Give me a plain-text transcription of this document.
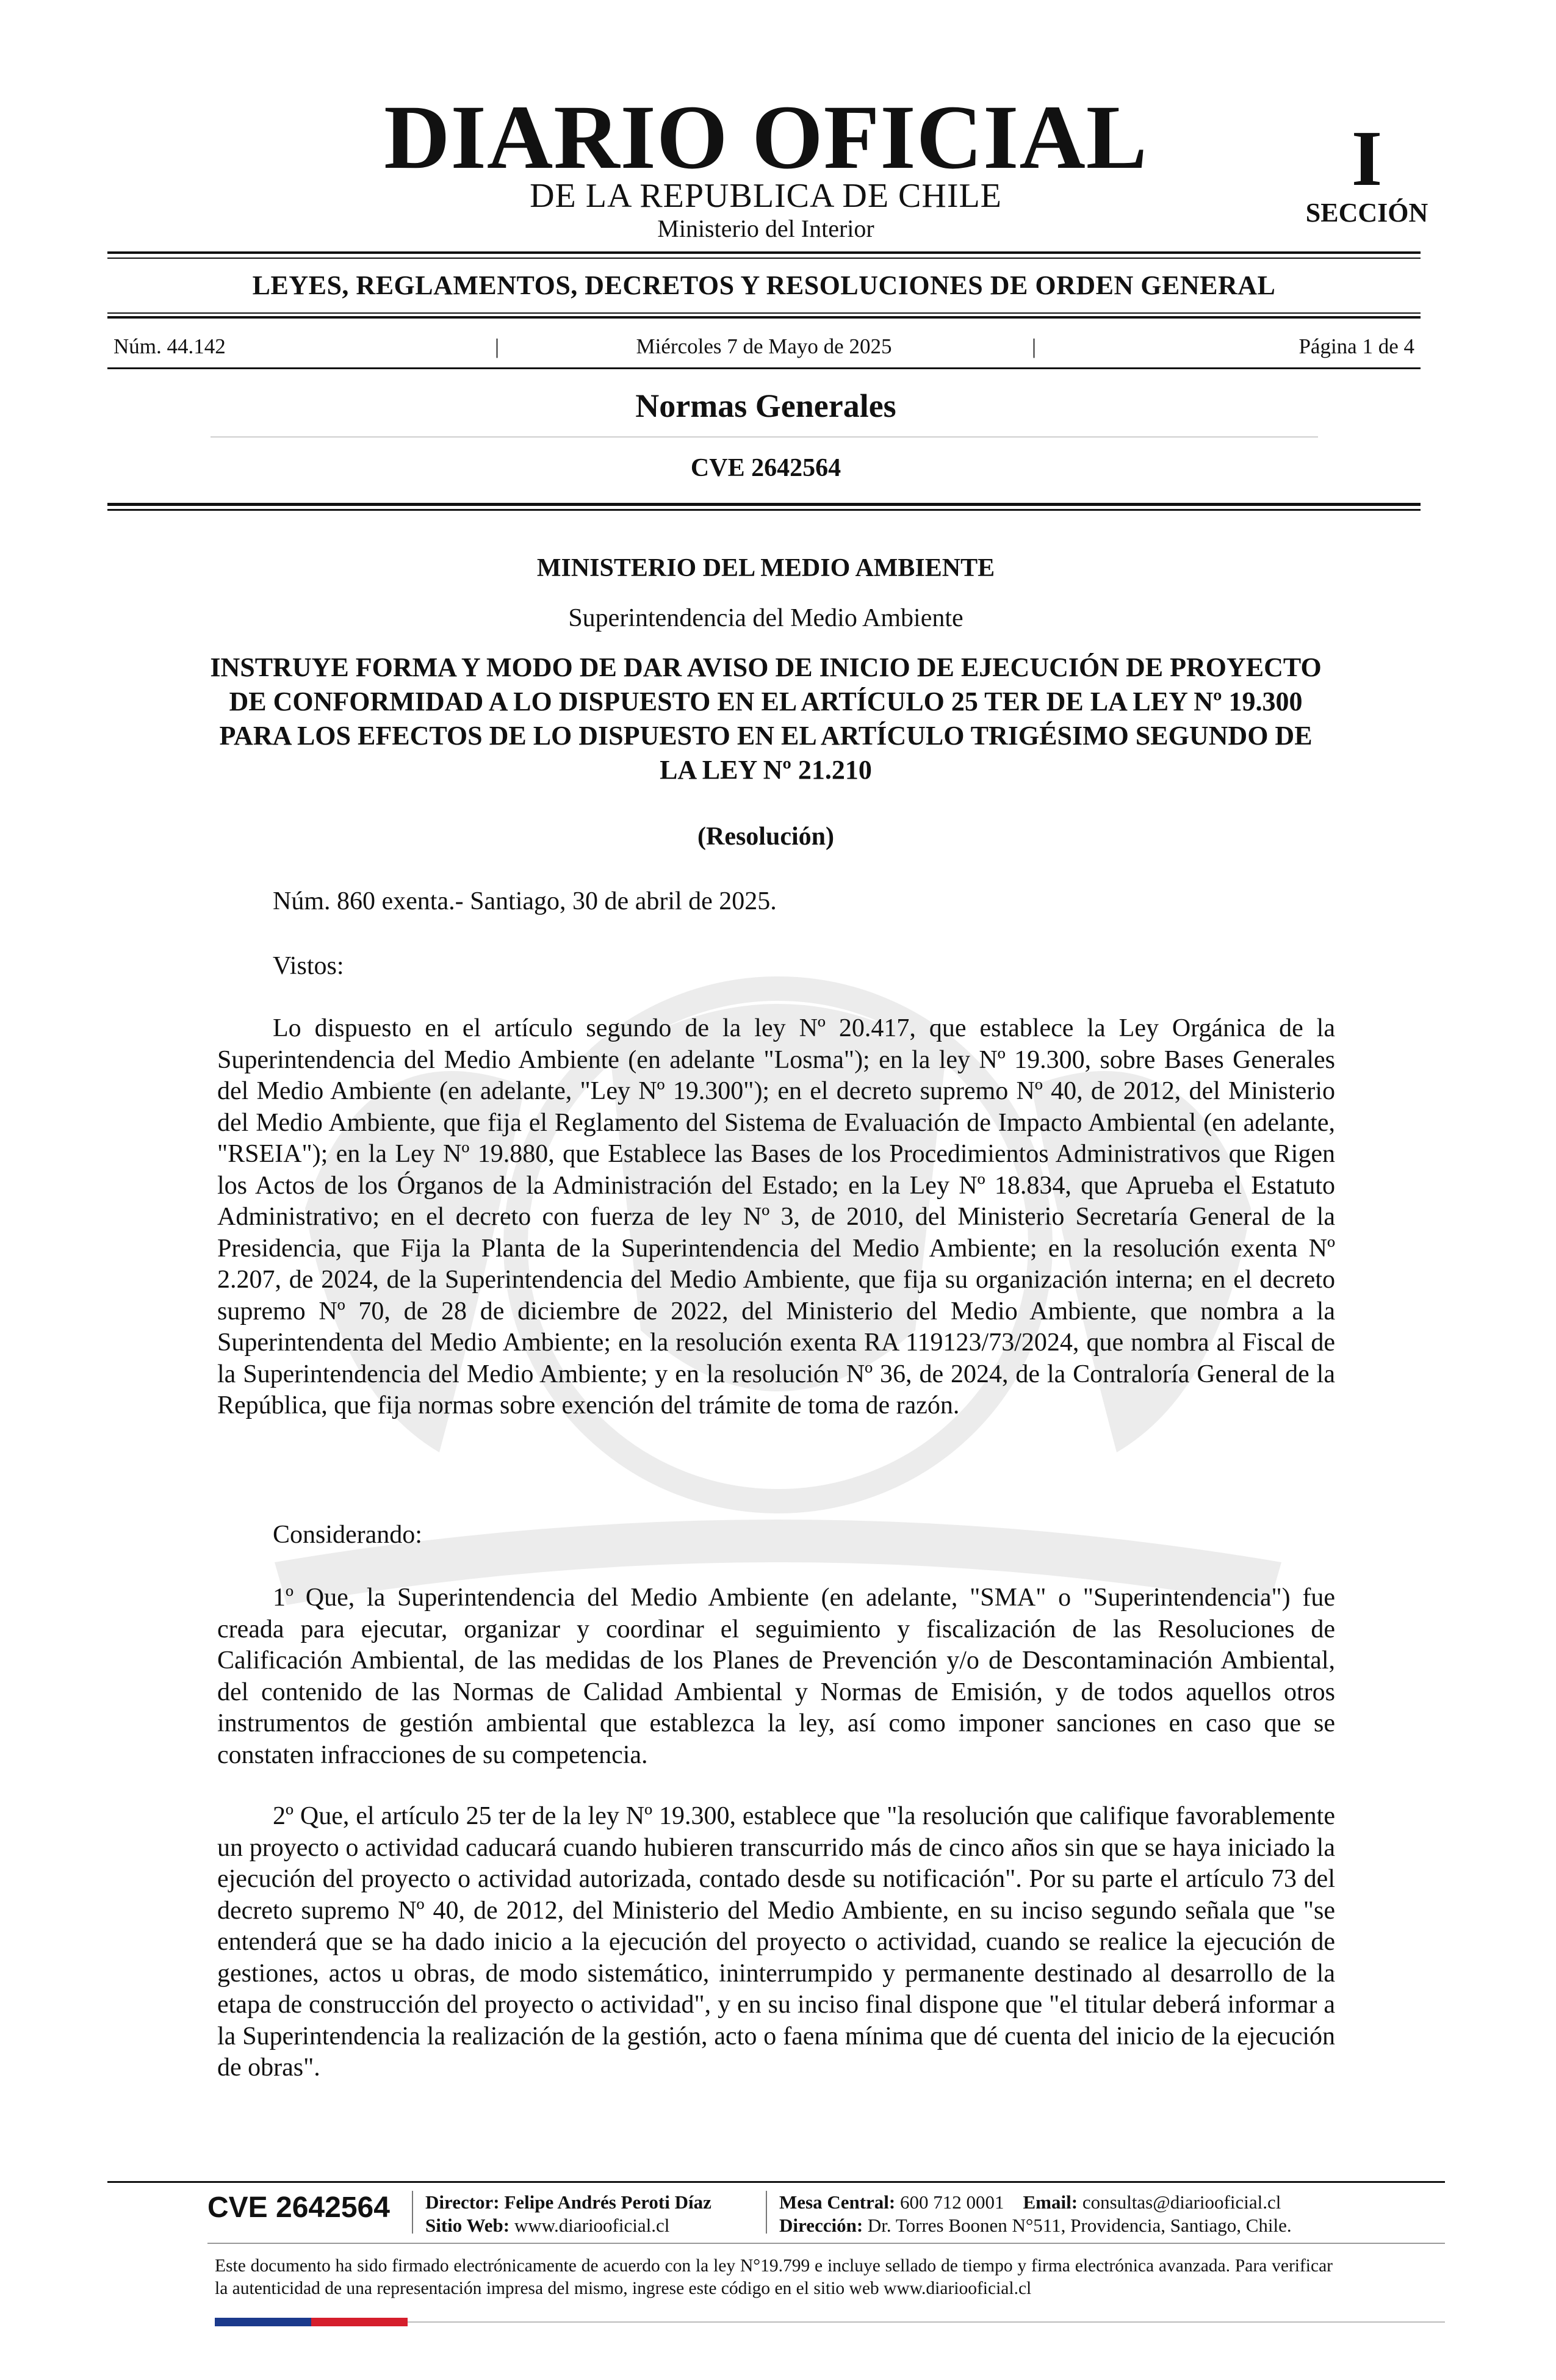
DIARIO OFICIAL
DE LA REPUBLICA DE CHILE
Ministerio del Interior
I
SECCIÓN
LEYES, REGLAMENTOS, DECRETOS Y RESOLUCIONES DE ORDEN GENERAL
Núm. 44.142	|	Miércoles 7 de Mayo de 2025	|	Página 1 de 4
Normas Generales
CVE 2642564
MINISTERIO DEL MEDIO AMBIENTE
Superintendencia del Medio Ambiente
INSTRUYE FORMA Y MODO DE DAR AVISO DE INICIO DE EJECUCIÓN DE PROYECTO DE CONFORMIDAD A LO DISPUESTO EN EL ARTÍCULO 25 TER DE LA LEY Nº 19.300 PARA LOS EFECTOS DE LO DISPUESTO EN EL ARTÍCULO TRIGÉSIMO SEGUNDO DE LA LEY Nº 21.210
(Resolución)
Núm. 860 exenta.- Santiago, 30 de abril de 2025.
Vistos:

Lo dispuesto en el artículo segundo de la ley Nº 20.417, que establece la Ley Orgánica de la Superintendencia del Medio Ambiente (en adelante "Losma"); en la ley Nº 19.300, sobre Bases Generales del Medio Ambiente (en adelante, "Ley Nº 19.300"); en el decreto supremo Nº 40, de 2012, del Ministerio del Medio Ambiente, que fija el Reglamento del Sistema de Evaluación de Impacto Ambiental (en adelante, "RSEIA"); en la Ley Nº 19.880, que Establece las Bases de los Procedimientos Administrativos que Rigen los Actos de los Órganos de la Administración del Estado; en la Ley Nº 18.834, que Aprueba el Estatuto Administrativo; en el decreto con fuerza de ley Nº 3, de 2010, del Ministerio Secretaría General de la Presidencia, que Fija la Planta de la Superintendencia del Medio Ambiente; en la resolución exenta Nº 2.207, de 2024, de la Superintendencia del Medio Ambiente, que fija su organización interna; en el decreto supremo Nº 70, de 28 de diciembre de 2022, del Ministerio del Medio Ambiente, que nombra a la Superintendenta del Medio Ambiente; en la resolución exenta RA 119123/73/2024, que nombra al Fiscal de la Superintendencia del Medio Ambiente; y en la resolución Nº 36, de 2024, de la Contraloría General de la República, que fija normas sobre exención del trámite de toma de razón.

Considerando:

1º Que, la Superintendencia del Medio Ambiente (en adelante, "SMA" o "Superintendencia") fue creada para ejecutar, organizar y coordinar el seguimiento y fiscalización de las Resoluciones de Calificación Ambiental, de las medidas de los Planes de Prevención y/o de Descontaminación Ambiental, del contenido de las Normas de Calidad Ambiental y Normas de Emisión, y de todos aquellos otros instrumentos de gestión ambiental que establezca la ley, así como imponer sanciones en caso que se constaten infracciones de su competencia.

2º Que, el artículo 25 ter de la ley Nº 19.300, establece que "la resolución que califique favorablemente un proyecto o actividad caducará cuando hubieren transcurrido más de cinco años sin que se haya iniciado la ejecución del proyecto o actividad autorizada, contado desde su notificación". Por su parte el artículo 73 del decreto supremo Nº 40, de 2012, del Ministerio del Medio Ambiente, en su inciso segundo señala que "se entenderá que se ha dado inicio a la ejecución del proyecto o actividad, cuando se realice la ejecución de gestiones, actos u obras, de modo sistemático, ininterrumpido y permanente destinado al desarrollo de la etapa de construcción del proyecto o actividad", y en su inciso final dispone que "el titular deberá informar a la Superintendencia la realización de la gestión, acto o faena mínima que dé cuenta del inicio de la ejecución de obras".

CVE 2642564 Director: Felipe Andrés Peroti Díaz
Sitio Web: www.diariooficial.cl
Mesa Central: 600 712 0001 Email: consultas@diariooficial.cl
Dirección: Dr. Torres Boonen N°511, Providencia, Santiago, Chile.
Este documento ha sido firmado electrónicamente de acuerdo con la ley N°19.799 e incluye sellado de tiempo y firma electrónica avanzada. Para verificar la autenticidad de una representación impresa del mismo, ingrese este código en el sitio web www.diariooficial.cl
